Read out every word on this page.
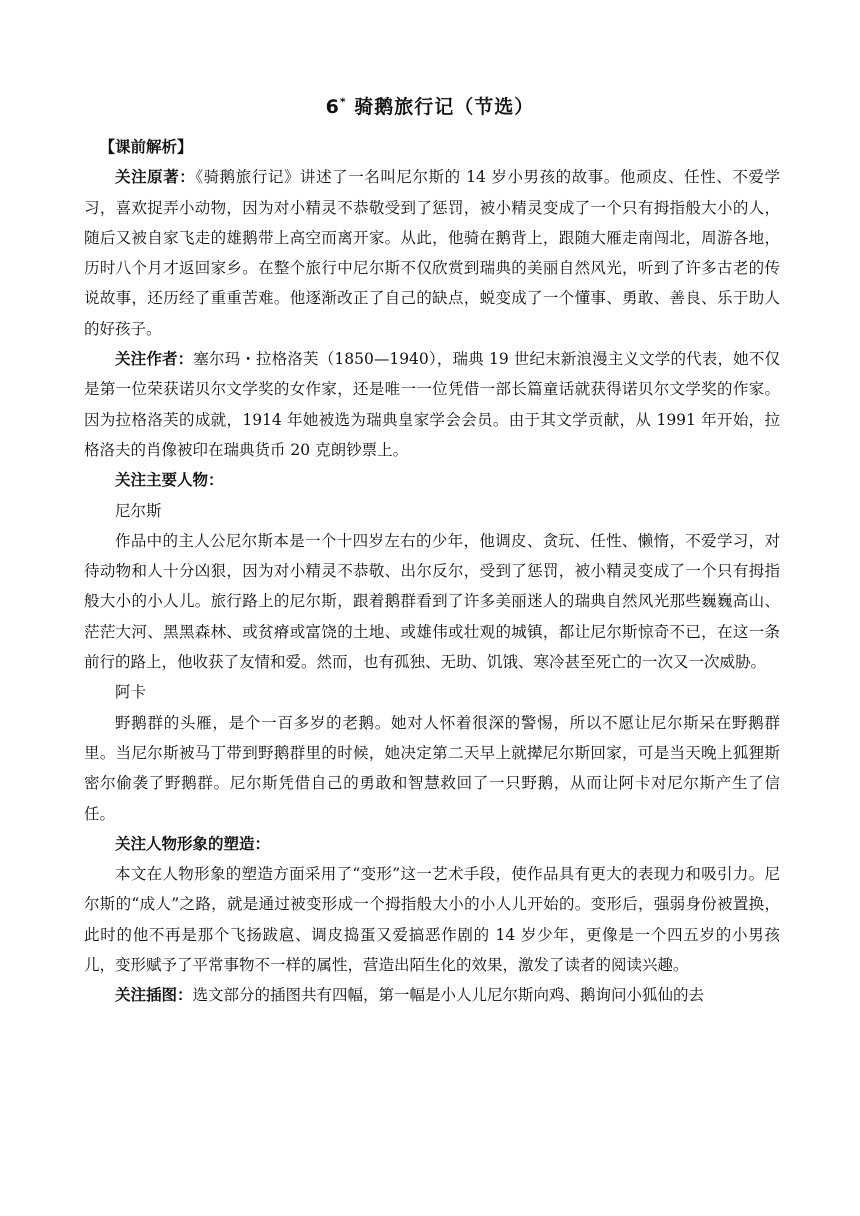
6* 骑鹅旅行记（节选）

【课前解析】

关注原著：《骑鹅旅行记》讲述了一名叫尼尔斯的 14 岁小男孩的故事。他顽皮、任性、不爱学习，喜欢捉弄小动物，因为对小精灵不恭敬受到了惩罚，被小精灵变成了一个只有拇指般大小的人，随后又被自家飞走的雄鹅带上高空而离开家。从此，他骑在鹅背上，跟随大雁走南闯北，周游各地，历时八个月才返回家乡。在整个旅行中尼尔斯不仅欣赏到瑞典的美丽自然风光，听到了许多古老的传说故事，还历经了重重苦难。他逐渐改正了自己的缺点，蜕变成了一个懂事、勇敢、善良、乐于助人的好孩子。

关注作者：塞尔玛・拉格洛芙（1850—1940），瑞典 19 世纪末新浪漫主义文学的代表，她不仅是第一位荣获诺贝尔文学奖的女作家，还是唯一一位凭借一部长篇童话就获得诺贝尔文学奖的作家。因为拉格洛芙的成就，1914 年她被选为瑞典皇家学会会员。由于其文学贡献，从 1991 年开始，拉格洛夫的肖像被印在瑞典货币 20 克朗钞票上。

关注主要人物：

尼尔斯

作品中的主人公尼尔斯本是一个十四岁左右的少年，他调皮、贪玩、任性、懒惰，不爱学习，对待动物和人十分凶狠，因为对小精灵不恭敬、出尔反尔，受到了惩罚，被小精灵变成了一个只有拇指般大小的小人儿。旅行路上的尼尔斯，跟着鹅群看到了许多美丽迷人的瑞典自然风光那些巍巍高山、茫茫大河、黑黑森林、或贫瘠或富饶的土地、或雄伟或壮观的城镇，都让尼尔斯惊奇不已，在这一条前行的路上，他收获了友情和爱。然而，也有孤独、无助、饥饿、寒冷甚至死亡的一次又一次威胁。

阿卡

野鹅群的头雁，是个一百多岁的老鹅。她对人怀着很深的警惕，所以不愿让尼尔斯呆在野鹅群里。当尼尔斯被马丁带到野鹅群里的时候，她决定第二天早上就撵尼尔斯回家，可是当天晚上狐狸斯密尔偷袭了野鹅群。尼尔斯凭借自己的勇敢和智慧救回了一只野鹅，从而让阿卡对尼尔斯产生了信任。

关注人物形象的塑造：

本文在人物形象的塑造方面采用了“变形”这一艺术手段，使作品具有更大的表现力和吸引力。尼尔斯的“成人”之路，就是通过被变形成一个拇指般大小的小人儿开始的。变形后，强弱身份被置换，此时的他不再是那个飞扬跋扈、调皮捣蛋又爱搞恶作剧的 14 岁少年，更像是一个四五岁的小男孩儿，变形赋予了平常事物不一样的属性，营造出陌生化的效果，激发了读者的阅读兴趣。

关注插图：选文部分的插图共有四幅，第一幅是小人儿尼尔斯向鸡、鹅询问小狐仙的去
